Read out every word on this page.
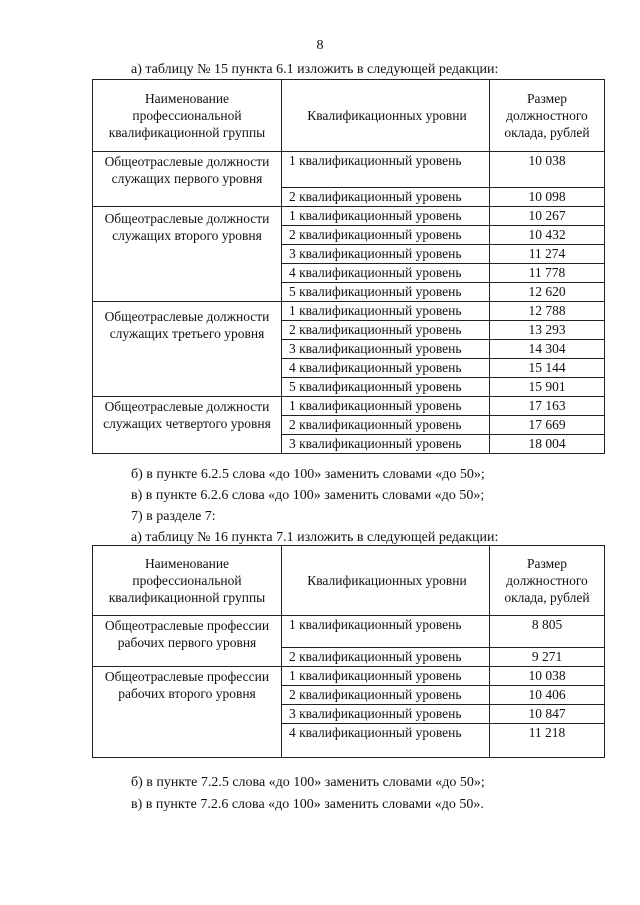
8
а) таблицу № 15 пункта 6.1 изложить в следующей редакции:
Наименование профессиональной квалификационной группы	Квалификационных уровни	Размер должностного оклада, рублей
Общеотраслевые должности служащих первого уровня	1 квалификационный уровень	10 038
	2 квалификационный уровень	10 098
Общеотраслевые должности служащих второго уровня	1 квалификационный уровень	10 267
	2 квалификационный уровень	10 432
	3 квалификационный уровень	11 274
	4 квалификационный уровень	11 778
	5 квалификационный уровень	12 620
Общеотраслевые должности служащих третьего уровня	1 квалификационный уровень	12 788
	2 квалификационный уровень	13 293
	3 квалификационный уровень	14 304
	4 квалификационный уровень	15 144
	5 квалификационный уровень	15 901
Общеотраслевые должности служащих четвертого уровня	1 квалификационный уровень	17 163
	2 квалификационный уровень	17 669
	3 квалификационный уровень	18 004
б) в пункте 6.2.5 слова «до 100» заменить словами «до 50»;
в) в пункте 6.2.6 слова «до 100» заменить словами «до 50»;
7) в разделе 7:
а) таблицу № 16 пункта 7.1 изложить в следующей редакции:
Наименование профессиональной квалификационной группы	Квалификационных уровни	Размер должностного оклада, рублей
Общеотраслевые профессии рабочих первого уровня	1 квалификационный уровень	8 805
	2 квалификационный уровень	9 271
Общеотраслевые профессии рабочих второго уровня	1 квалификационный уровень	10 038
	2 квалификационный уровень	10 406
	3 квалификационный уровень	10 847
	4 квалификационный уровень	11 218
б) в пункте 7.2.5 слова «до 100» заменить словами «до 50»;
в) в пункте 7.2.6 слова «до 100» заменить словами «до 50».
